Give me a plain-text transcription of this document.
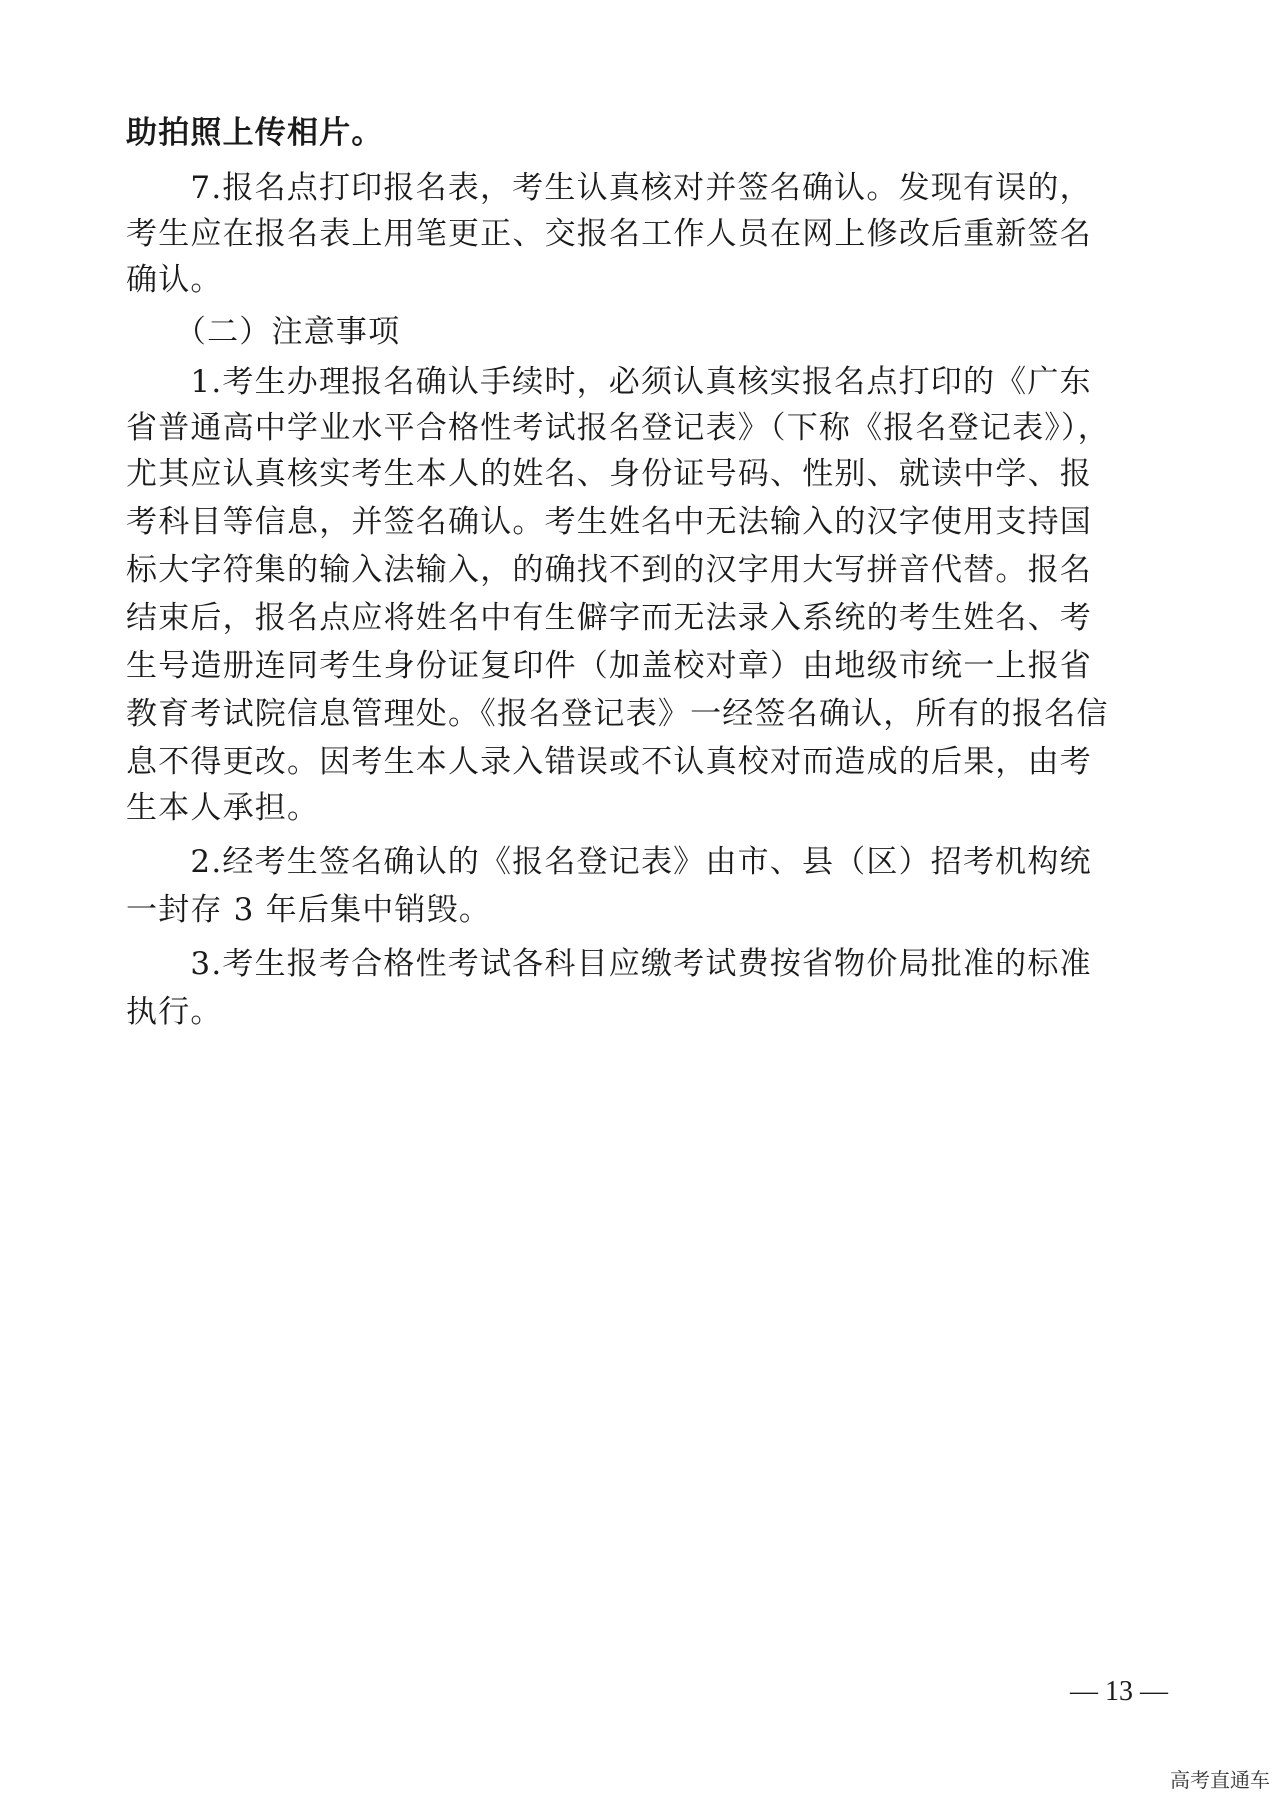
助拍照上传相片。
　　7.报名点打印报名表，考生认真核对并签名确认。发现有误的，
考生应在报名表上用笔更正、交报名工作人员在网上修改后重新签名
确认。
　　（二）注意事项
　　1.考生办理报名确认手续时，必须认真核实报名点打印的《广东
省普通高中学业水平合格性考试报名登记表》（下称《报名登记表》），
尤其应认真核实考生本人的姓名、身份证号码、性别、就读中学、报
考科目等信息，并签名确认。考生姓名中无法输入的汉字使用支持国
标大字符集的输入法输入，的确找不到的汉字用大写拼音代替。报名
结束后，报名点应将姓名中有生僻字而无法录入系统的考生姓名、考
生号造册连同考生身份证复印件（加盖校对章）由地级市统一上报省
教育考试院信息管理处。《报名登记表》一经签名确认，所有的报名信
息不得更改。因考生本人录入错误或不认真校对而造成的后果，由考
生本人承担。
　　2.经考生签名确认的《报名登记表》由市、县（区）招考机构统
一封存 3 年后集中销毁。
　　3.考生报考合格性考试各科目应缴考试费按省物价局批准的标准
执行。
— 13 —
高考直通车
